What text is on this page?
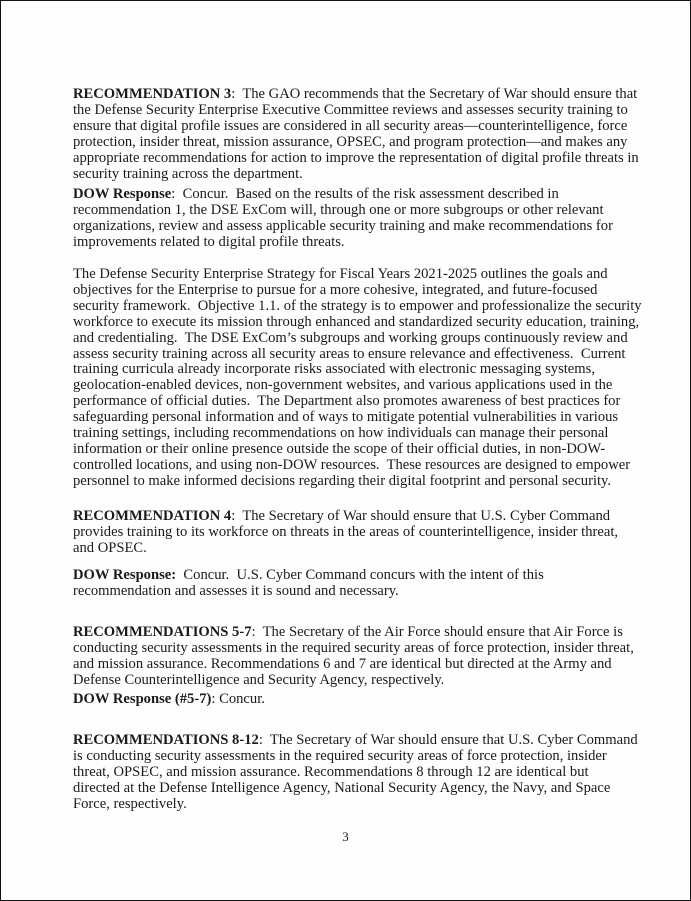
RECOMMENDATION 3:  The GAO recommends that the Secretary of War should ensure that
the Defense Security Enterprise Executive Committee reviews and assesses security training to
ensure that digital profile issues are considered in all security areas—counterintelligence, force
protection, insider threat, mission assurance, OPSEC, and program protection—and makes any
appropriate recommendations for action to improve the representation of digital profile threats in
security training across the department.
DOW Response:  Concur.  Based on the results of the risk assessment described in
recommendation 1, the DSE ExCom will, through one or more subgroups or other relevant
organizations, review and assess applicable security training and make recommendations for
improvements related to digital profile threats.
The Defense Security Enterprise Strategy for Fiscal Years 2021-2025 outlines the goals and
objectives for the Enterprise to pursue for a more cohesive, integrated, and future-focused
security framework.  Objective 1.1. of the strategy is to empower and professionalize the security
workforce to execute its mission through enhanced and standardized security education, training,
and credentialing.  The DSE ExCom’s subgroups and working groups continuously review and
assess security training across all security areas to ensure relevance and effectiveness.  Current
training curricula already incorporate risks associated with electronic messaging systems,
geolocation-enabled devices, non-government websites, and various applications used in the
performance of official duties.  The Department also promotes awareness of best practices for
safeguarding personal information and of ways to mitigate potential vulnerabilities in various
training settings, including recommendations on how individuals can manage their personal
information or their online presence outside the scope of their official duties, in non-DOW-
controlled locations, and using non-DOW resources.  These resources are designed to empower
personnel to make informed decisions regarding their digital footprint and personal security.
RECOMMENDATION 4:  The Secretary of War should ensure that U.S. Cyber Command
provides training to its workforce on threats in the areas of counterintelligence, insider threat,
and OPSEC.
DOW Response:  Concur.  U.S. Cyber Command concurs with the intent of this
recommendation and assesses it is sound and necessary.
RECOMMENDATIONS 5-7:  The Secretary of the Air Force should ensure that Air Force is
conducting security assessments in the required security areas of force protection, insider threat,
and mission assurance. Recommendations 6 and 7 are identical but directed at the Army and
Defense Counterintelligence and Security Agency, respectively.
DOW Response (#5-7): Concur.
RECOMMENDATIONS 8-12:  The Secretary of War should ensure that U.S. Cyber Command
is conducting security assessments in the required security areas of force protection, insider
threat, OPSEC, and mission assurance. Recommendations 8 through 12 are identical but
directed at the Defense Intelligence Agency, National Security Agency, the Navy, and Space
Force, respectively.
3
